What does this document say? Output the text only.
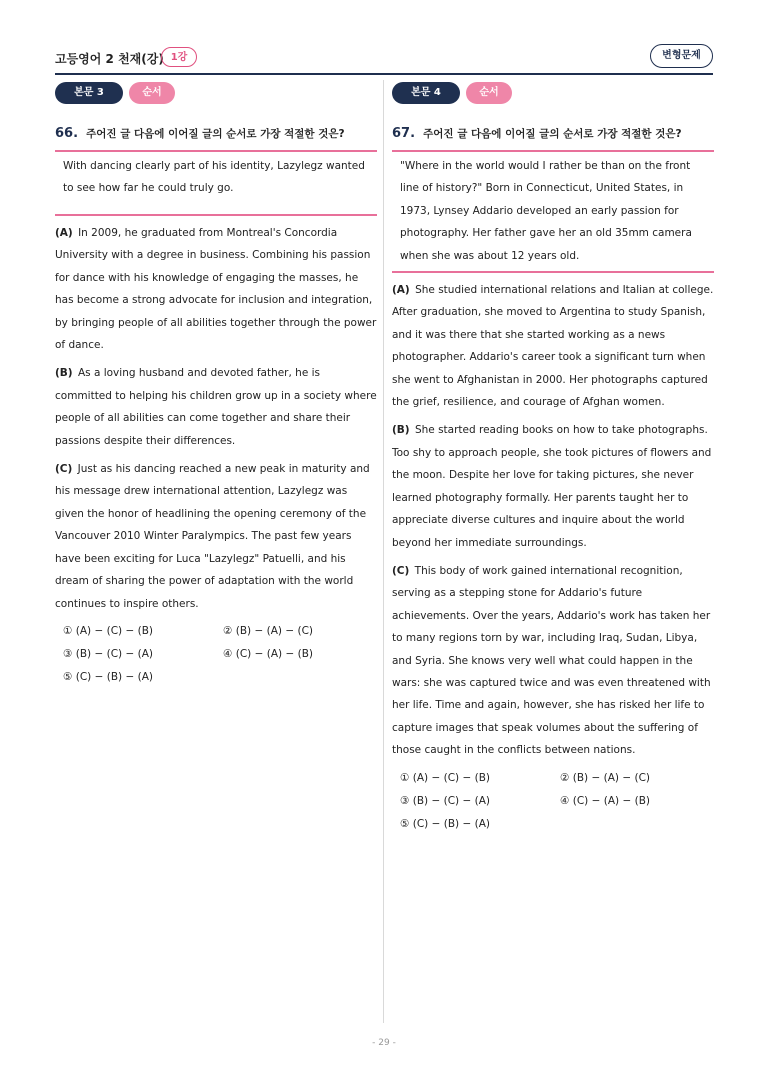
고등영어 2 천재(강) 1강	변형문제
본문 3	순서
66. 주어진 글 다음에 이어질 글의 순서로 가장 적절한 것은?
With dancing clearly part of his identity, Lazylegz wanted to see how far he could truly go.
(A) In 2009, he graduated from Montreal's Concordia University with a degree in business. Combining his passion for dance with his knowledge of engaging the masses, he has become a strong advocate for inclusion and integration, by bringing people of all abilities together through the power of dance.
(B) As a loving husband and devoted father, he is committed to helping his children grow up in a society where people of all abilities can come together and share their passions despite their differences.
(C) Just as his dancing reached a new peak in maturity and his message drew international attention, Lazylegz was given the honor of headlining the opening ceremony of the Vancouver 2010 Winter Paralympics. The past few years have been exciting for Luca "Lazylegz" Patuelli, and his dream of sharing the power of adaptation with the world continues to inspire others.
① (A) − (C) − (B)	② (B) − (A) − (C)
③ (B) − (C) − (A)	④ (C) − (A) − (B)
⑤ (C) − (B) − (A)
본문 4	순서
67. 주어진 글 다음에 이어질 글의 순서로 가장 적절한 것은?
"Where in the world would I rather be than on the front line of history?" Born in Connecticut, United States, in 1973, Lynsey Addario developed an early passion for photography. Her father gave her an old 35mm camera when she was about 12 years old.
(A) She studied international relations and Italian at college. After graduation, she moved to Argentina to study Spanish, and it was there that she started working as a news photographer. Addario's career took a significant turn when she went to Afghanistan in 2000. Her photographs captured the grief, resilience, and courage of Afghan women.
(B) She started reading books on how to take photographs. Too shy to approach people, she took pictures of flowers and the moon. Despite her love for taking pictures, she never learned photography formally. Her parents taught her to appreciate diverse cultures and inquire about the world beyond her immediate surroundings.
(C) This body of work gained international recognition, serving as a stepping stone for Addario's future achievements. Over the years, Addario's work has taken her to many regions torn by war, including Iraq, Sudan, Libya, and Syria. She knows very well what could happen in the wars: she was captured twice and was even threatened with her life. Time and again, however, she has risked her life to capture images that speak volumes about the suffering of those caught in the conflicts between nations.
① (A) − (C) − (B)	② (B) − (A) − (C)
③ (B) − (C) − (A)	④ (C) − (A) − (B)
⑤ (C) − (B) − (A)
- 29 -
